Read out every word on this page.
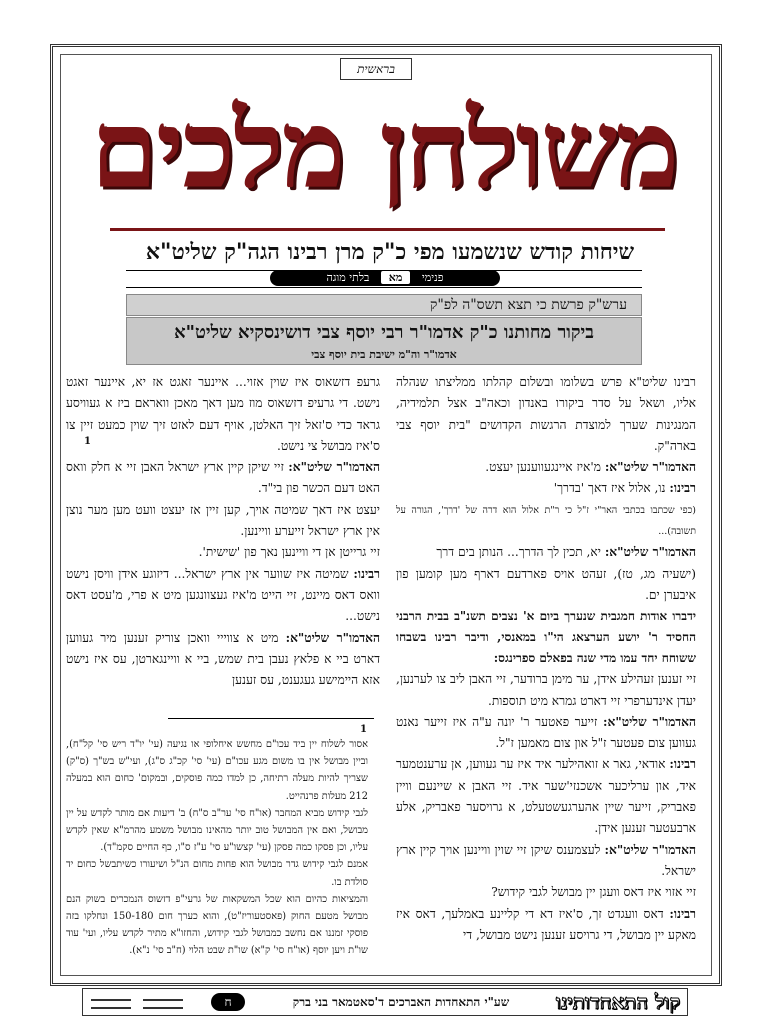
בראשית
משולחן מלכים
שיחות קודש שנשמעו מפי כ"ק מרן רבינו הגה"ק שליט"א
פנימי מא בלתי מוגה
ערש"ק פרשת כי תצא תשס"ה לפ"ק
ביקור מחותנו כ"ק אדמו"ר רבי יוסף צבי דושינסקיא שליט"א
אדמו"ר וה"מ ישיבת בית יוסף צבי

רבינו שליט"א פרש בשלומו ובשלום קהלתו ממליצתו שנהלה אליו, ושאל על סדר ביקורו באנדון וכאה"ב אצל תלמידיה, המנגינות שערך למוצדת הרגשות הקדושים "בית יוסף צבי בארה"ק.

האדמו"ר שליט"א: מ'איז איינגעווענען יעצט.

רבינו: נו, אלול איז דאך 'בדרך'

(כפי שכתבו בכתבי האר"י ז"ל כי ר"ת אלול הוא דרה של 'דרך', הגורה על תשובה)...

האדמו"ר שליט"א: יא, תכין לך הדרך... הנותן בים דרך

(ישעיה מג, טז), זעהט אויס פארדעם דארף מען קומען פון איבערן ים.

ידברו אודות חמגבית שנערך ביום א' נצבים תשנ"ב בבית הרבני החסיד ר' יושע הערצאג הי"ו במאנסי, ודיבר רבינו בשבחו ששוחח יחד עמו מדי שנה בפאלם ספרינגס:

זיי זענען זעהילע אידן, ער מימן ברודער, זיי האבן ליב צו לערנען, יעדן אינדערפרי זיי דארט גמרא מיט תוספות.

האדמו"ר שליט"א: זייער פאטער ר' יונה ע"ה איז זייער נאנט געווען צום פעטער ז"ל און צום מאמען ז"ל.

רבינו: אודאי, גאר א זואהילער איד איז ער געווען, אן ערענטמער איד, און ערליכער אשכנזי'שער איד. זיי האבן א שיינעם וויין פאבריק, זייער שיין אהערגעשטעלט, א גרויסער פאבריק, אלע ארבעטער זענען אידן.

האדמו"ר שליט"א: לעצמענס שיקן זיי שוין וויינען אויך קיין ארץ ישראל.

זיי אזוי איז דאס וועגן יין מבושל לגבי קידוש?

רבינו: דאס וועגדט זך, ס'איז דא די קליינע באמלעך, דאס איז מאקע יין מבושל, די גרויסע זענען נישט מבושל, די

גרעפ דזשאוס איז שוין אזוי... איינער זאגט אז יא, איינער זאגט נישט. די גרעיפ דזשאוס מוז מען דאך מאכן וואראם ביז א געוויסע גראד כדי ס'זאל זיך האלטן, אויף דעם לאזט זיך שוין כמעט זיין צו ס'איז מבושל צי נישט.

האדמו"ר שליט"א: זיי שיקן קיין ארץ ישראל האבן זיי א חלק וואס האט דעם הכשר פון בי"ד.

יעצט איז דאך שמיטה אויך, קען זיין אז יעצט וועט מען מער נוצן אין ארץ ישראל זייערע וויינען.

זיי גרייטן אן די וויינען נאך פון 'שישית'.

רבינו: שמיטה איז שווער אין ארץ ישראל... דיזוגע אידן וויסן נישט וואס דאס מיינט, זיי הייט מ'איז געצוונגען מיט א פרי, מ'עסט דאס נישט...

האדמו"ר שליט"א: מיט א צווייי וואכן צוריק זענען מיר געווען דארט ביי א פלאץ נעבן בית שמש, ביי א וויינגארטן, עס איז נישט אזא היימישע געגענט, עס זענען

1
1

אסור לשלוח יין ביד עכו"ם מחשש איחלופי או נגיעה (עי' יו"ד ריש סי' קל"ח), וביין מבושל אין בו משום מגע עכו"ם (עי' סי' קכ"ג ס"ג), ועי"ש בש"ך (ס"ק) שצריך להיות מעלה רתיחה, כן למדו כמה פוסקים, ובמקום' כחום הוא במעלה 212 מעלות פרנהייט.

לגבי קידוש מביא המחבר (או"ח סי' ער"ב ס"ח) ב' דיעות אם מותר לקדש על יין מבושל, ואם אין המבושל טוב יותר מהאינו מבושל משמע מהרמ"א שאין לקדש עליו, וכן פסקו כמה פסקן (עי' קצשו"ע סי' ע"ז ס"ו, כף החיים סקמ"ד).

אמנם לגבי קידוש גדר מבושל הוא פחות מחום הנ"ל ושיעורו כשיתבשל כחום יד סולדת בו.

והמציאות כהיום הוא שכל המשקאות של גרעי"פ דזשוס הנמכרים בשוק הנם מבושל מטעם החוק (פאסטעוריז"ט), והוא כערך חום 150-180 ונחלקו בזה פוסקי זמננו אם נחשב כמבושל לגבי קידוש, והחזו"א מתיר לקדש עליו, ועי' עוד שו"ת ויען יוסף (או"ח סי' ק"א) שו"ת שבט הלוי (ח"ב סי' נ"א).

קול התאחדותינו
שע"י התאחדות האברכים ד'סאטמאר בני ברק
ח
